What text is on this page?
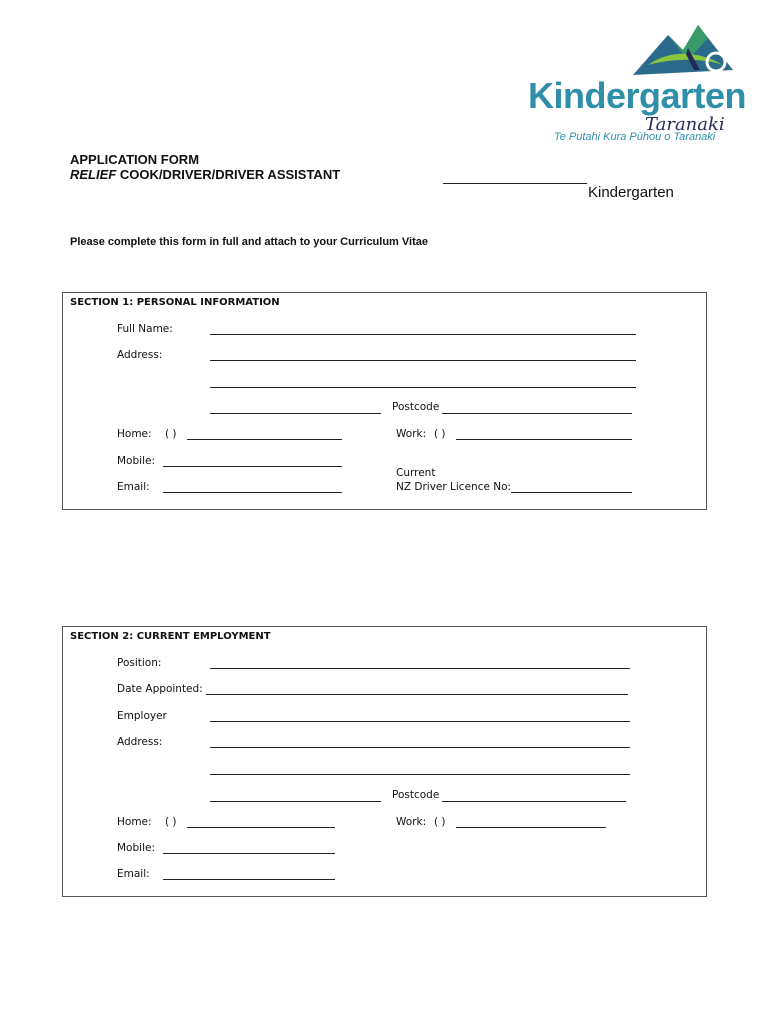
Kindergarten
Taranaki
Te Putahi Kura Pūhou o Taranaki
APPLICATION FORM
RELIEF COOK/DRIVER/DRIVER ASSISTANT
Kindergarten
Please complete this form in full and attach to your Curriculum Vitae
SECTION 1: PERSONAL INFORMATION
Full Name:
Address:
Postcode
Home: ( )	Work: ( )
Mobile:
Current
Email:	NZ Driver Licence No:
SECTION 2: CURRENT EMPLOYMENT
Position:
Date Appointed:
Employer
Address:
Postcode
Home: ( )	Work: ( )
Mobile:
Email:
